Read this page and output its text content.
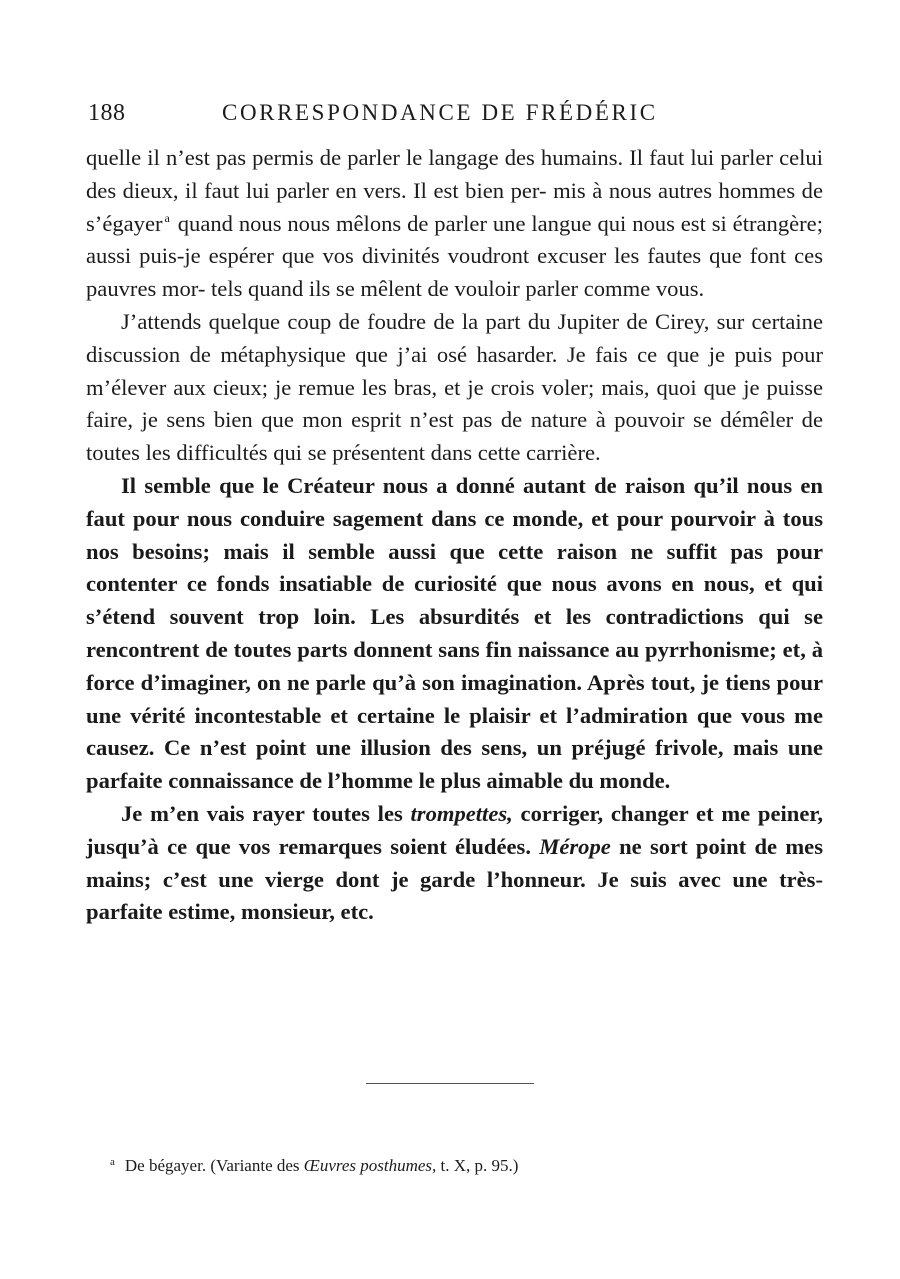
188	CORRESPONDANCE DE FRÉDÉRIC

quelle il n’est pas permis de parler le langage des humains. Il faut lui parler celui des dieux, il faut lui parler en vers. Il est bien per- mis à nous autres hommes de s’égayer $^a$ quand nous nous mêlons de parler une langue qui nous est si étrangère; aussi puis-je espérer que vos divinités voudront excuser les fautes que font ces pauvres mor- tels quand ils se mêlent de vouloir parler comme vous.

J’attends quelque coup de foudre de la part du Jupiter de Cirey, sur certaine discussion de métaphysique que j’ai osé hasarder. Je fais ce que je puis pour m’élever aux cieux; je remue les bras, et je crois voler; mais, quoi que je puisse faire, je sens bien que mon esprit n’est pas de nature à pouvoir se démêler de toutes les difficultés qui se présentent dans cette carrière.

Il semble que le Créateur nous a donné autant de raison qu’il nous en faut pour nous conduire sagement dans ce monde, et pour pourvoir à tous nos besoins; mais il semble aussi que cette raison ne suffit pas pour contenter ce fonds insatiable de curiosité que nous avons en nous, et qui s’étend souvent trop loin. Les absurdités et les contradictions qui se rencontrent de toutes parts donnent sans fin naissance au pyrrhonisme; et, à force d’imaginer, on ne parle qu’à son imagination. Après tout, je tiens pour une vérité incontestable et certaine le plaisir et l’admiration que vous me causez. Ce n’est point une illusion des sens, un préjugé frivole, mais une parfaite connaissance de l’homme le plus aimable du monde.

Je m’en vais rayer toutes les trompettes, corriger, changer et me peiner, jusqu’à ce que vos remarques soient éludées. Mérope ne sort point de mes mains; c’est une vierge dont je garde l’honneur. Je suis avec une très-parfaite estime, monsieur, etc.

$^a$ De bégayer. (Variante des Œuvres posthumes, t. X, p. 95.)
